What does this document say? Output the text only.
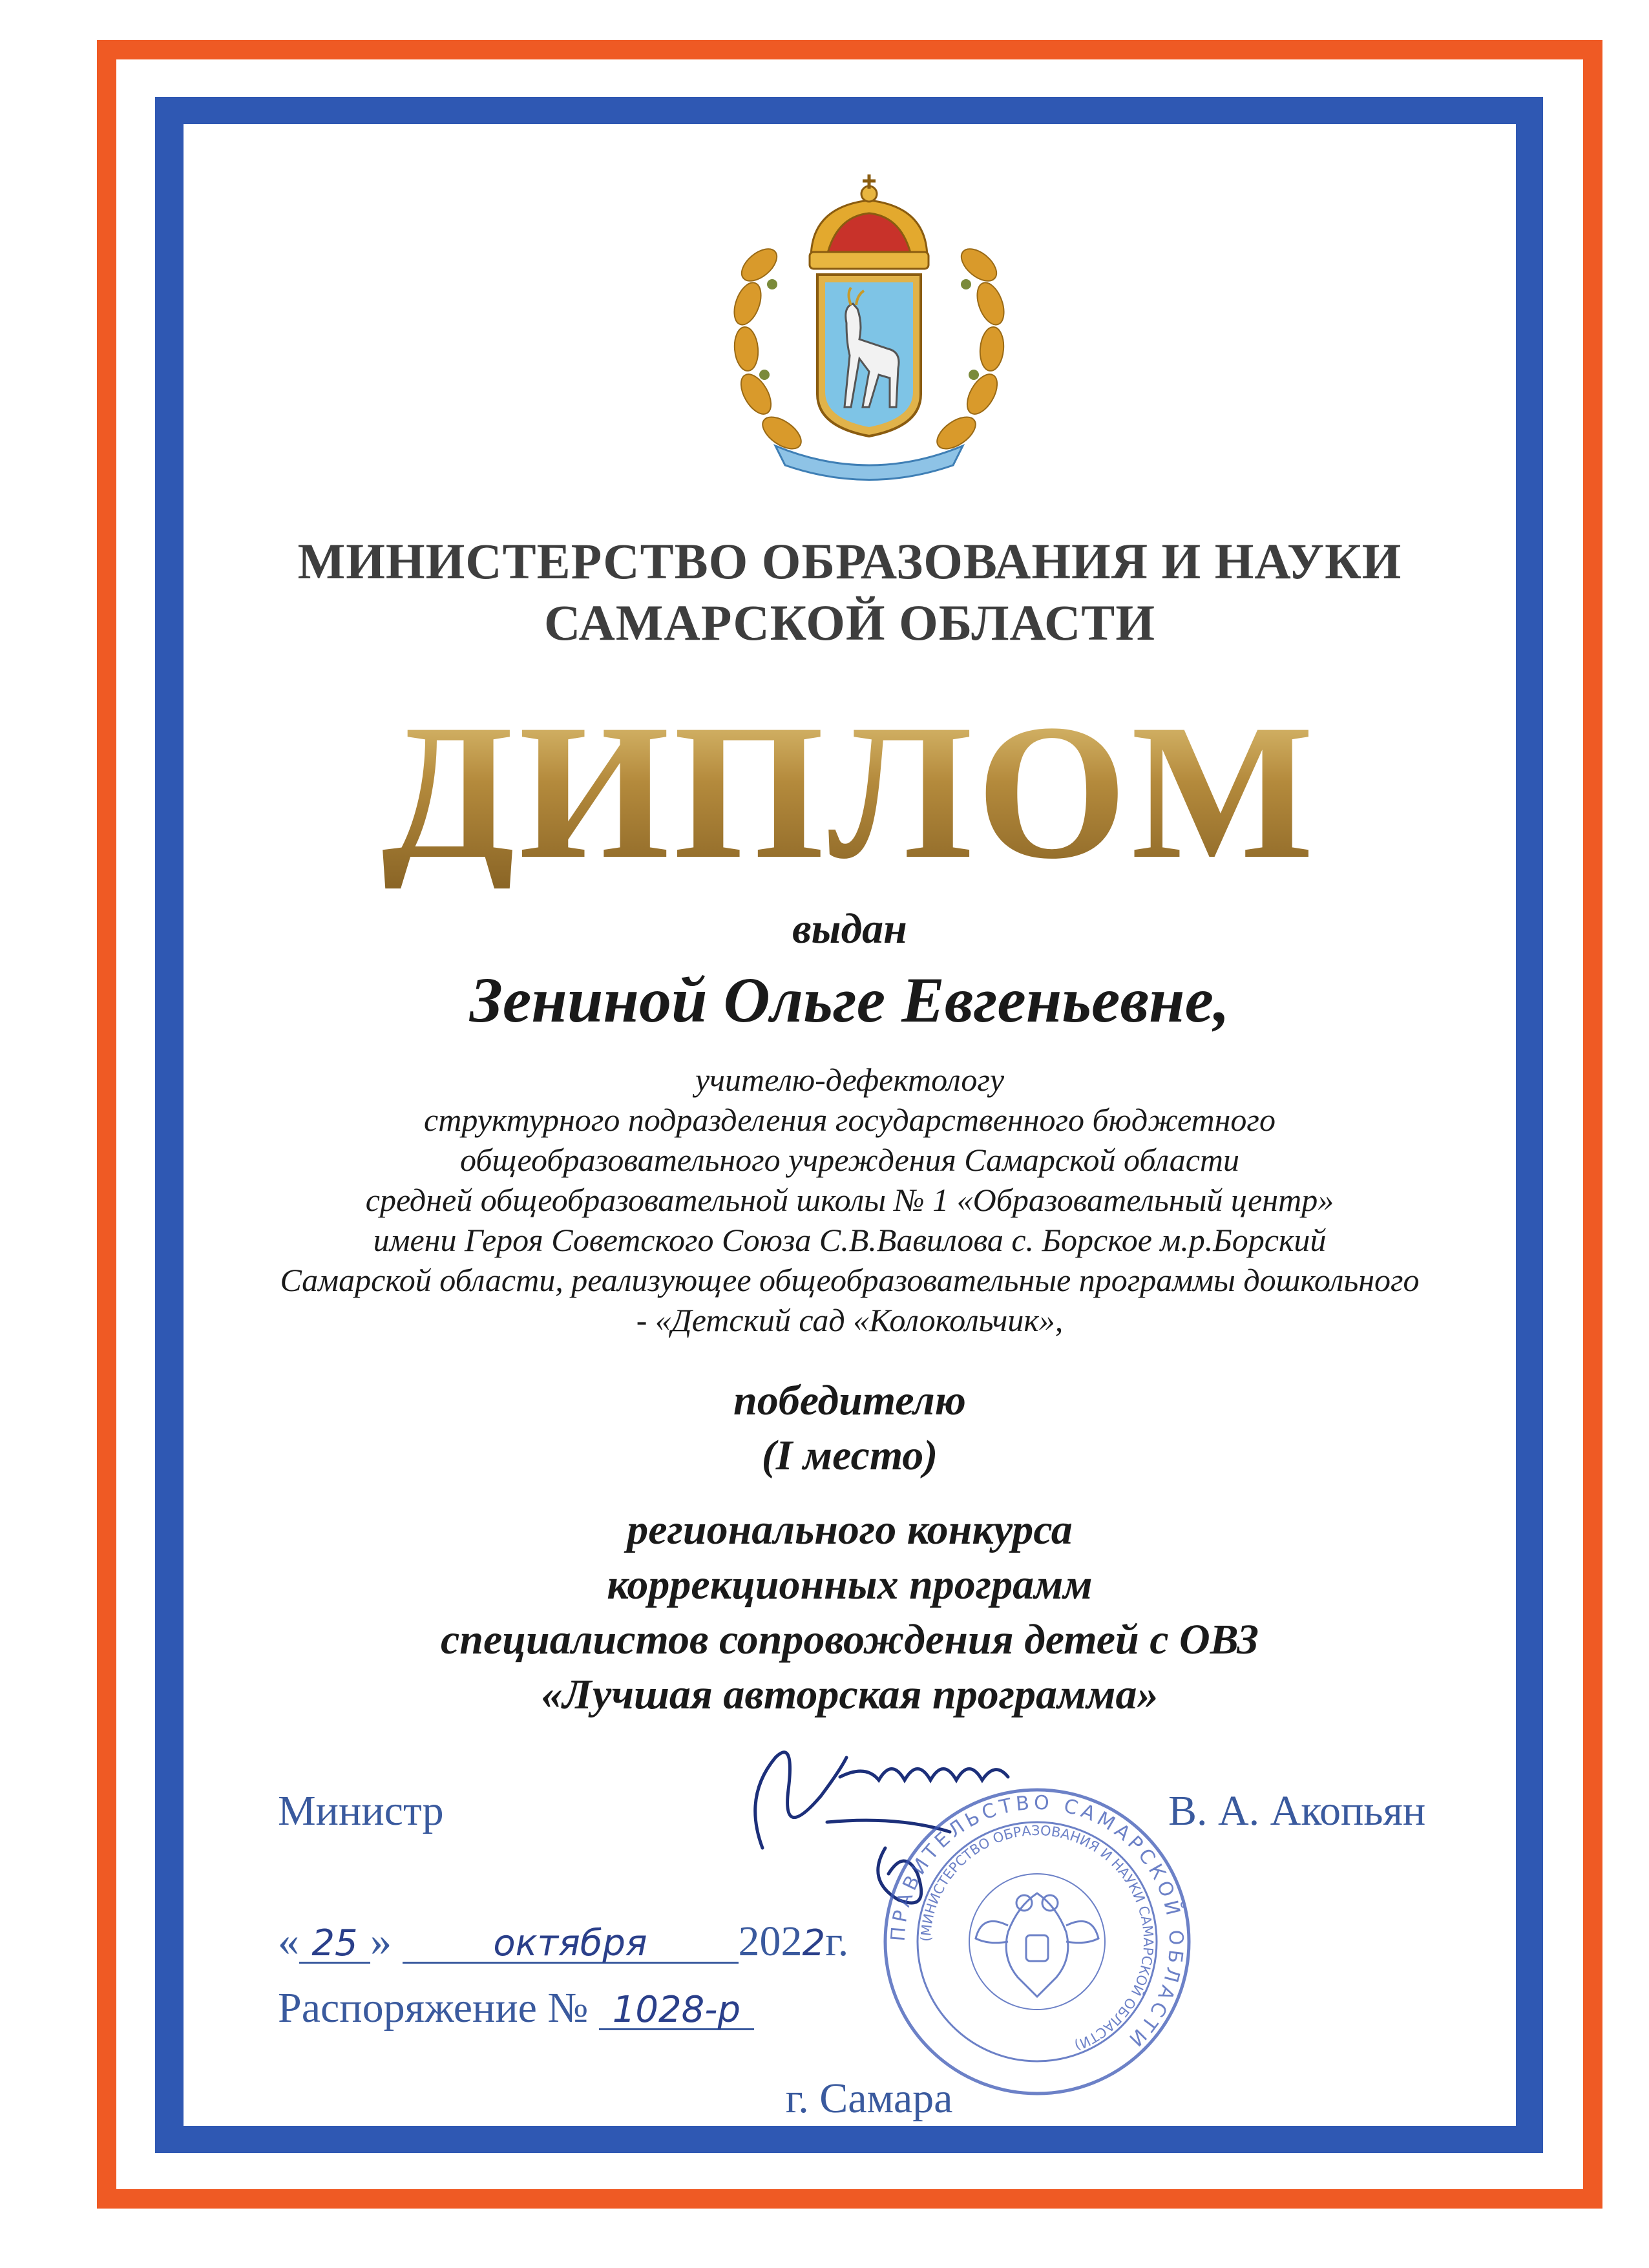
МИНИСТЕРСТВО ОБРАЗОВАНИЯ И НАУКИ
САМАРСКОЙ ОБЛАСТИ
ДИПЛОМ
выдан
Зениной Ольге Евгеньевне,
учителю-дефектологу
структурного подразделения государственного бюджетного
общеобразовательного учреждения Самарской области
средней общеобразовательной школы № 1 «Образовательный центр»
имени Героя Советского Союза С.В.Вавилова с. Борское м.р.Борский
Самарской области, реализующее общеобразовательные программы дошкольного
- «Детский сад «Колокольчик»,
победителю
(I место)
регионального конкурса
коррекционных программ
специалистов сопровождения детей с ОВЗ
«Лучшая авторская программа»
Министр	В. А. Акопьян
« 25 »	октября 2022г.
Распоряжение № 1028-р
г. Самара
ПРАВИТЕЛЬСТВО САМАРСКОЙ ОБЛАСТИ
(МИНИСТЕРСТВО ОБРАЗОВАНИЯ И НАУКИ САМАРСКОЙ ОБЛАСТИ)
